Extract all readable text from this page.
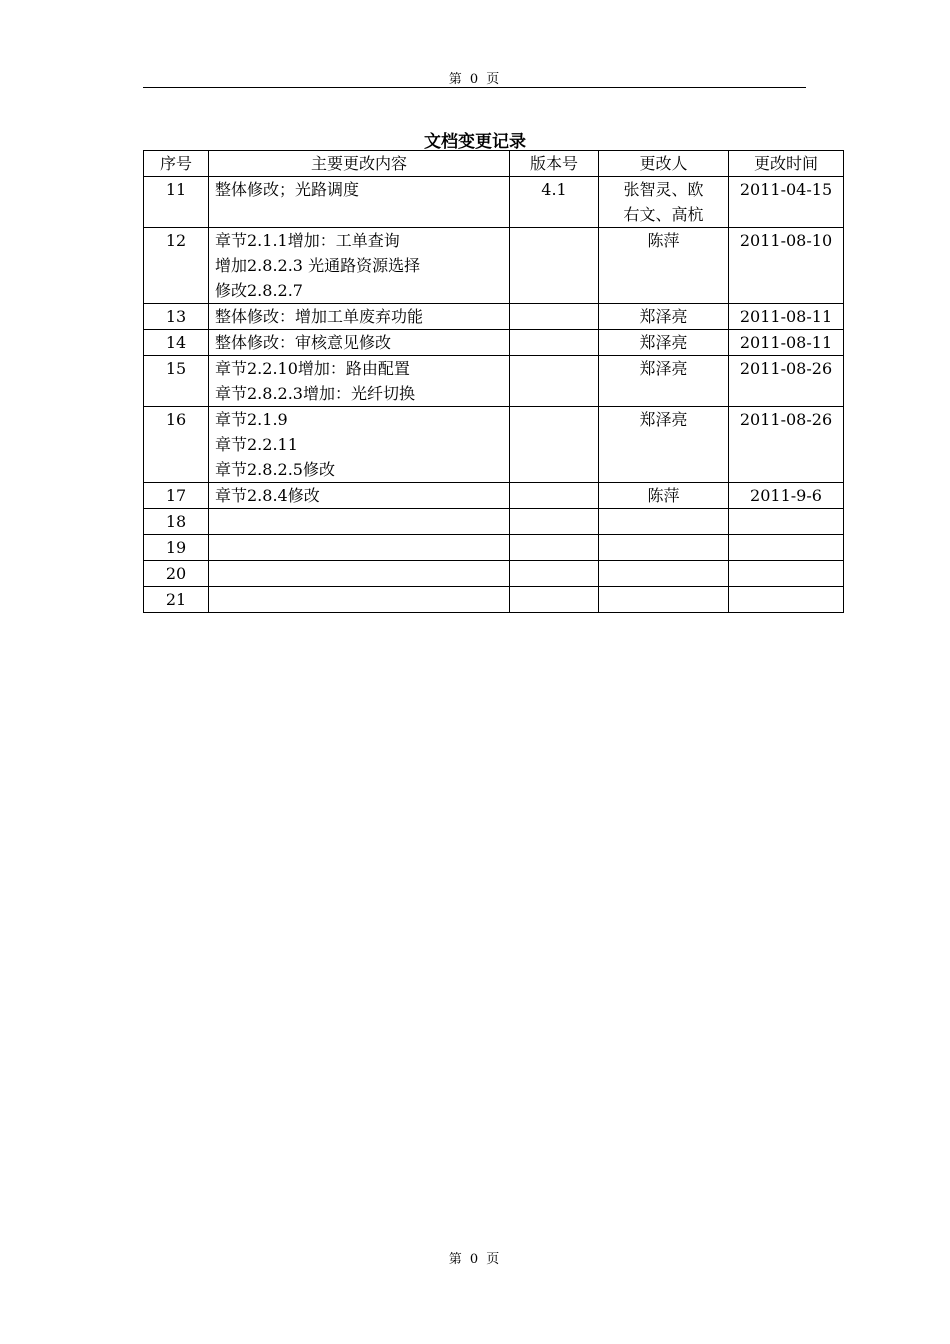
第 0 页
文档变更记录
序号	主要更改内容	版本号	更改人	更改时间

11	整体修改；光路调度	4.1	张智灵、欧
右文、高杭	2011-04-15

12	章节2.1.1增加：工单查询
增加2.8.2.3 光通路资源选择
修改2.8.2.7		陈萍	2011-08-10

13	整体修改：增加工单废弃功能		郑泽亮	2011-08-11

14	整体修改：审核意见修改		郑泽亮	2011-08-11

15	章节2.2.10增加：路由配置
章节2.8.2.3增加：光纤切换		郑泽亮	2011-08-26

16	章节2.1.9
章节2.2.11
章节2.8.2.5修改		郑泽亮	2011-08-26

17	章节2.8.4修改		陈萍	2011-9-6

18				

19				

20				

21				

第 0 页
